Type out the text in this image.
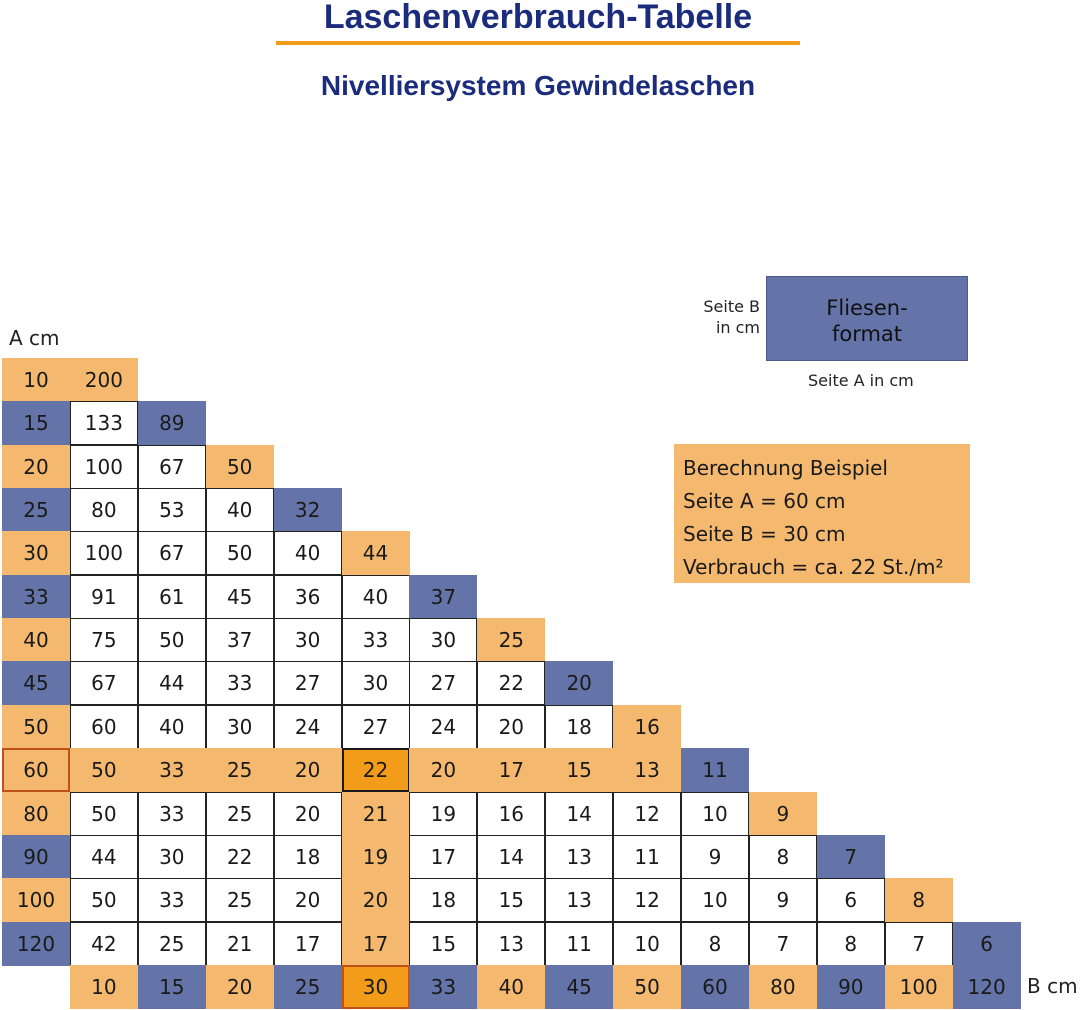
Laschenverbrauch-Tabelle
Nivelliersystem Gewindelaschen
A cm
B cm
Seite B
in cm
Fliesen-
format
Seite A in cm
Berechnung Beispiel
Seite A = 60 cm
Seite B = 30 cm
Verbrauch = ca. 22 St./m²
10	200
15	133	89
20	100	67	50
25	80	53	40	32
30	100	67	50	40	44
33	91	61	45	36	40	37
40	75	50	37	30	33	30	25
45	67	44	33	27	30	27	22	20
50	60	40	30	24	27	24	20	18	16
60	50	33	25	20	22	20	17	15	13	11
80	50	33	25	20	21	19	16	14	12	10	9
90	44	30	22	18	19	17	14	13	11	9	8	7
100	50	33	25	20	20	18	15	13	12	10	9	6	8
120	42	25	21	17	17	15	13	11	10	8	7	8	7	6
10	15	20	25	30	33	40	45	50	60	80	90	100	120
